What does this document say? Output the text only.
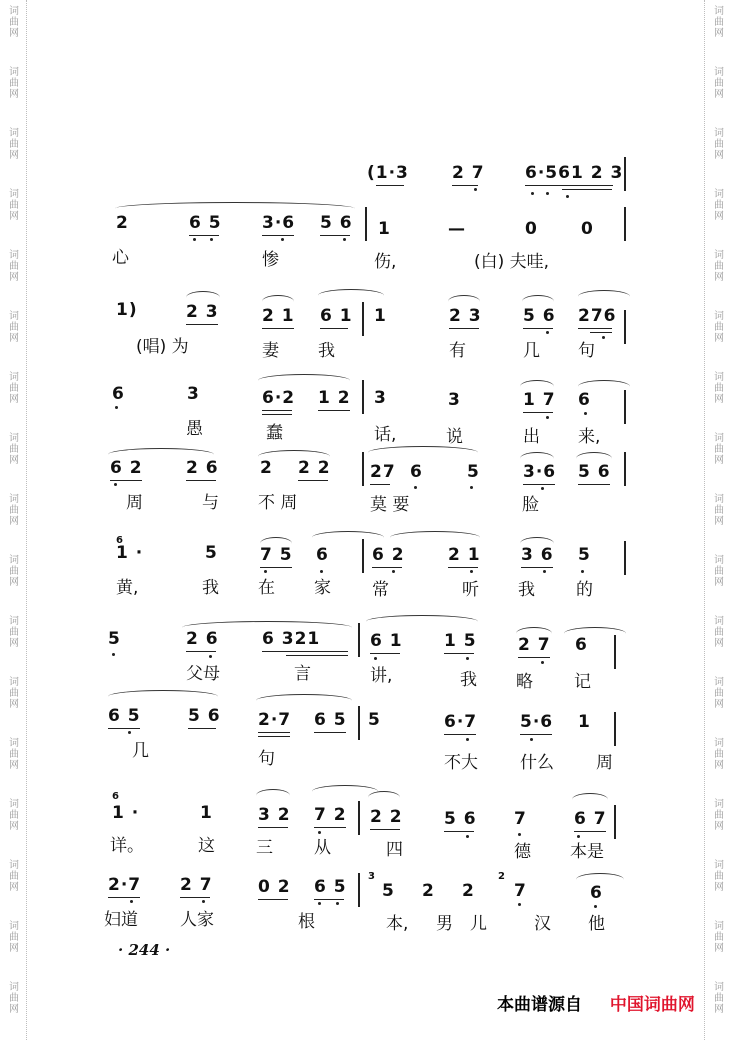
词
曲
网
词
曲
网
词
曲
网
词
曲
网
词
曲
网
词
曲
网
词
曲
网
词
曲
网
词
曲
网
词
曲
网
词
曲
网
词
曲
网
词
曲
网
词
曲
网
词
曲
网
词
曲
网
词
曲
网
词
曲
网
词
曲
网
词
曲
网
词
曲
网
词
曲
网
词
曲
网
词
曲
网
词
曲
网
词
曲
网
词
曲
网
词
曲
网
词
曲
网
词
曲
网
词
曲
网
词
曲
网
词
曲
网
词
曲
网
(1·3	2 7 6·561 2 3
2	6 5 3·6 5 6 1	—	0	0
心	惨	伤,	(白) 夫哇,
1)	2 3	2 1 6 1 1	2 3 5 6 276
(唱) 为	妻 我	有	几 句
6	3	6·2 1 2 3	3	1 7 6
愚	蠢	话,	说	出 来,
6 2	2 6 2 2 2 27 6	5	3·6 5 6
周	与 不 周	莫 要	脸
6
1 ·	5 7 5 6	6 2	2 1 3 6 5
黄,	我 在 家 常	听 我 的
5	2 6	6 321	6 1 1 5 2 7 6
父母	言	讲,	我 略 记
6 5	5 6 2·7 6 5 5	6·7	5·6 1
几	句	不大 什么 周
6
1 ·	1	3 2 7 2 2 2 5 6 7	6 7
详。	这 三 从	四	德 本是
2·7 2 7	0 2 6 5
3
5 2 2
2
7	6
妇道 人家	根	本, 男 儿	汉 他
· 244 ·
本曲谱源自 中国词曲网
